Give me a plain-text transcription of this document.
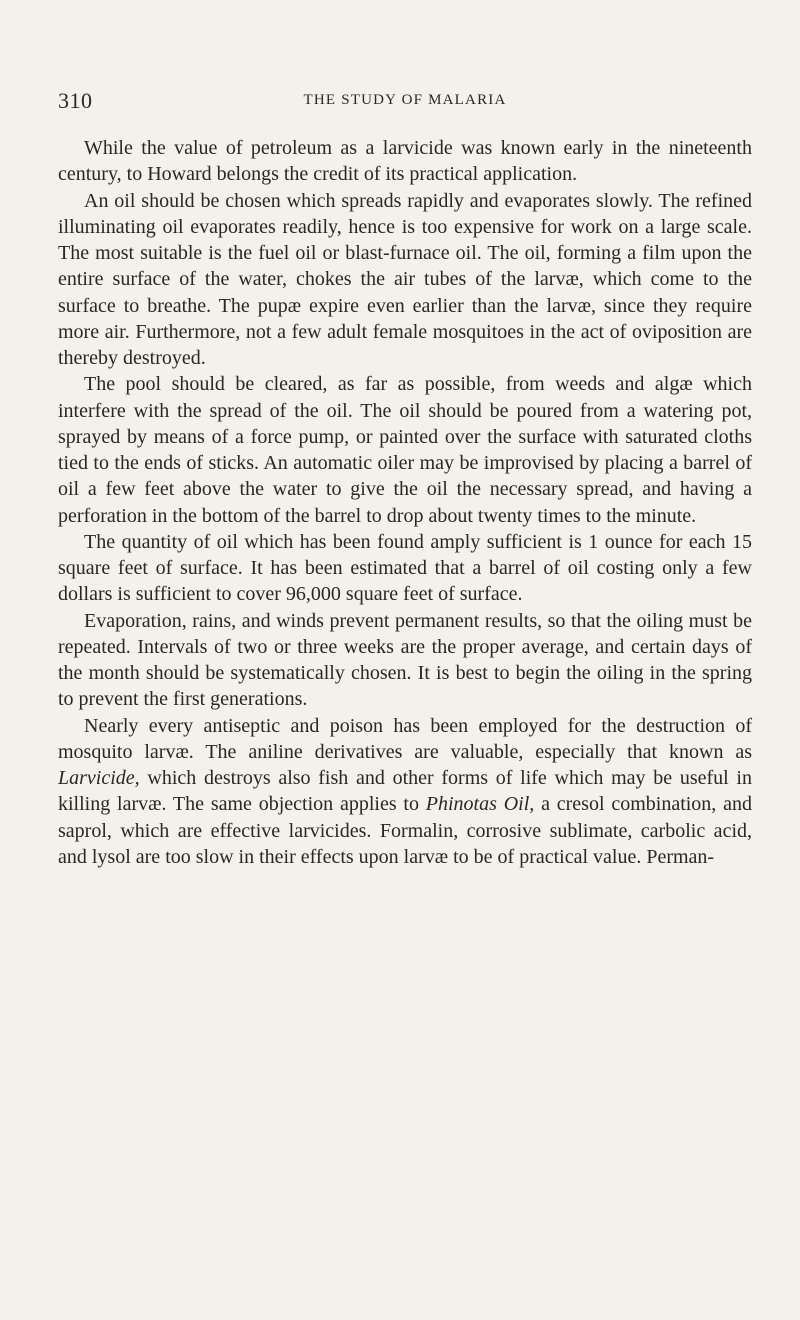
310	THE STUDY OF MALARIA

While the value of petroleum as a larvicide was known early in the nineteenth century, to Howard belongs the credit of its practical application.

An oil should be chosen which spreads rapidly and evaporates slowly. The refined illuminating oil evaporates readily, hence is too expensive for work on a large scale. The most suitable is the fuel oil or blast-furnace oil. The oil, forming a film upon the entire surface of the water, chokes the air tubes of the larvæ, which come to the surface to breathe. The pupæ expire even earlier than the larvæ, since they require more air. Furthermore, not a few adult female mosquitoes in the act of oviposition are thereby destroyed.

The pool should be cleared, as far as possible, from weeds and algæ which interfere with the spread of the oil. The oil should be poured from a watering pot, sprayed by means of a force pump, or painted over the surface with saturated cloths tied to the ends of sticks. An automatic oiler may be improvised by placing a barrel of oil a few feet above the water to give the oil the necessary spread, and having a perforation in the bottom of the barrel to drop about twenty times to the minute.

The quantity of oil which has been found amply sufficient is 1 ounce for each 15 square feet of surface. It has been estimated that a barrel of oil costing only a few dollars is sufficient to cover 96,000 square feet of surface.

Evaporation, rains, and winds prevent permanent results, so that the oiling must be repeated. Intervals of two or three weeks are the proper average, and certain days of the month should be systematically chosen. It is best to begin the oiling in the spring to prevent the first generations.

Nearly every antiseptic and poison has been employed for the destruction of mosquito larvæ. The aniline derivatives are valuable, especially that known as Larvicide, which destroys also fish and other forms of life which may be useful in killing larvæ. The same objection applies to Phinotas Oil, a cresol combination, and saprol, which are effective larvicides. Formalin, corrosive sublimate, carbolic acid, and lysol are too slow in their effects upon larvæ to be of practical value. Perman-
